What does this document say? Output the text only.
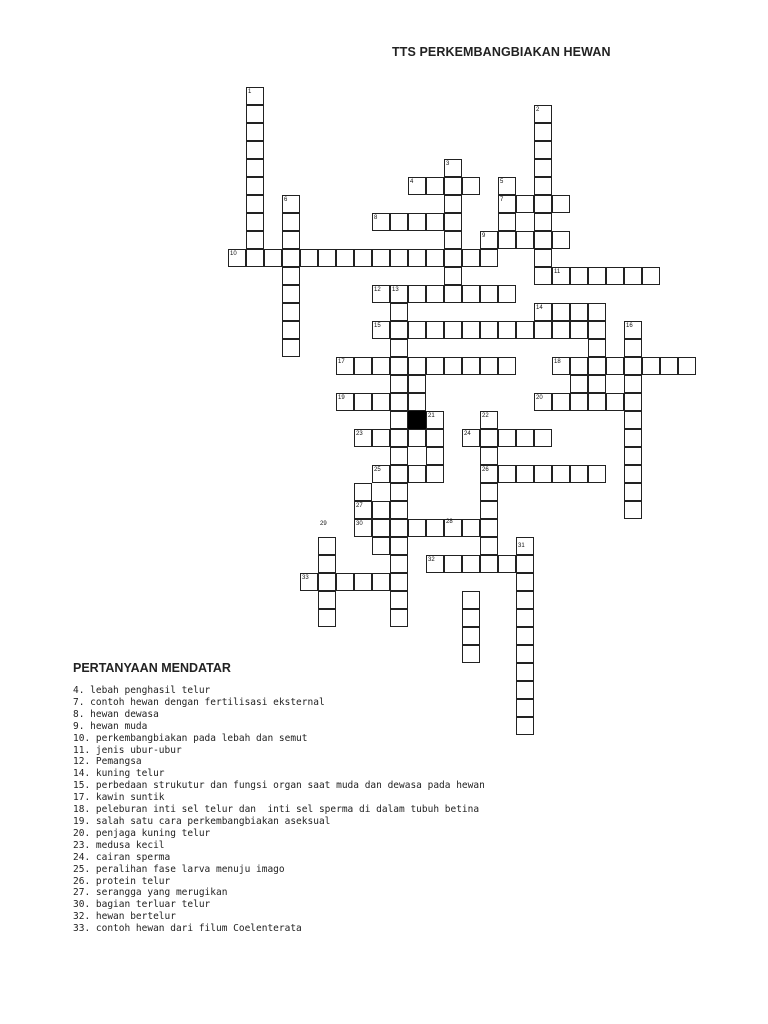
TTS PERKEMBANGBIAKAN HEWAN
1
2
3
4	5
6	7
8
9
10
11
12 13
14
15	16
17	18
19	20
21	22
23	24
25	26
27
28
29	30
31
32
33
PERTANYAAN MENDATAR
4. lebah penghasil telur
7. contoh hewan dengan fertilisasi eksternal
8. hewan dewasa
9. hewan muda
10. perkembangbiakan pada lebah dan semut
11. jenis ubur-ubur
12. Pemangsa
14. kuning telur
15. perbedaan strukutur dan fungsi organ saat muda dan dewasa pada hewan
17. kawin suntik
18. peleburan inti sel telur dan  inti sel sperma di dalam tubuh betina
19. salah satu cara perkembangbiakan aseksual
20. penjaga kuning telur
23. medusa kecil
24. cairan sperma
25. peralihan fase larva menuju imago
26. protein telur
27. serangga yang merugikan
30. bagian terluar telur
32. hewan bertelur
33. contoh hewan dari filum Coelenterata
